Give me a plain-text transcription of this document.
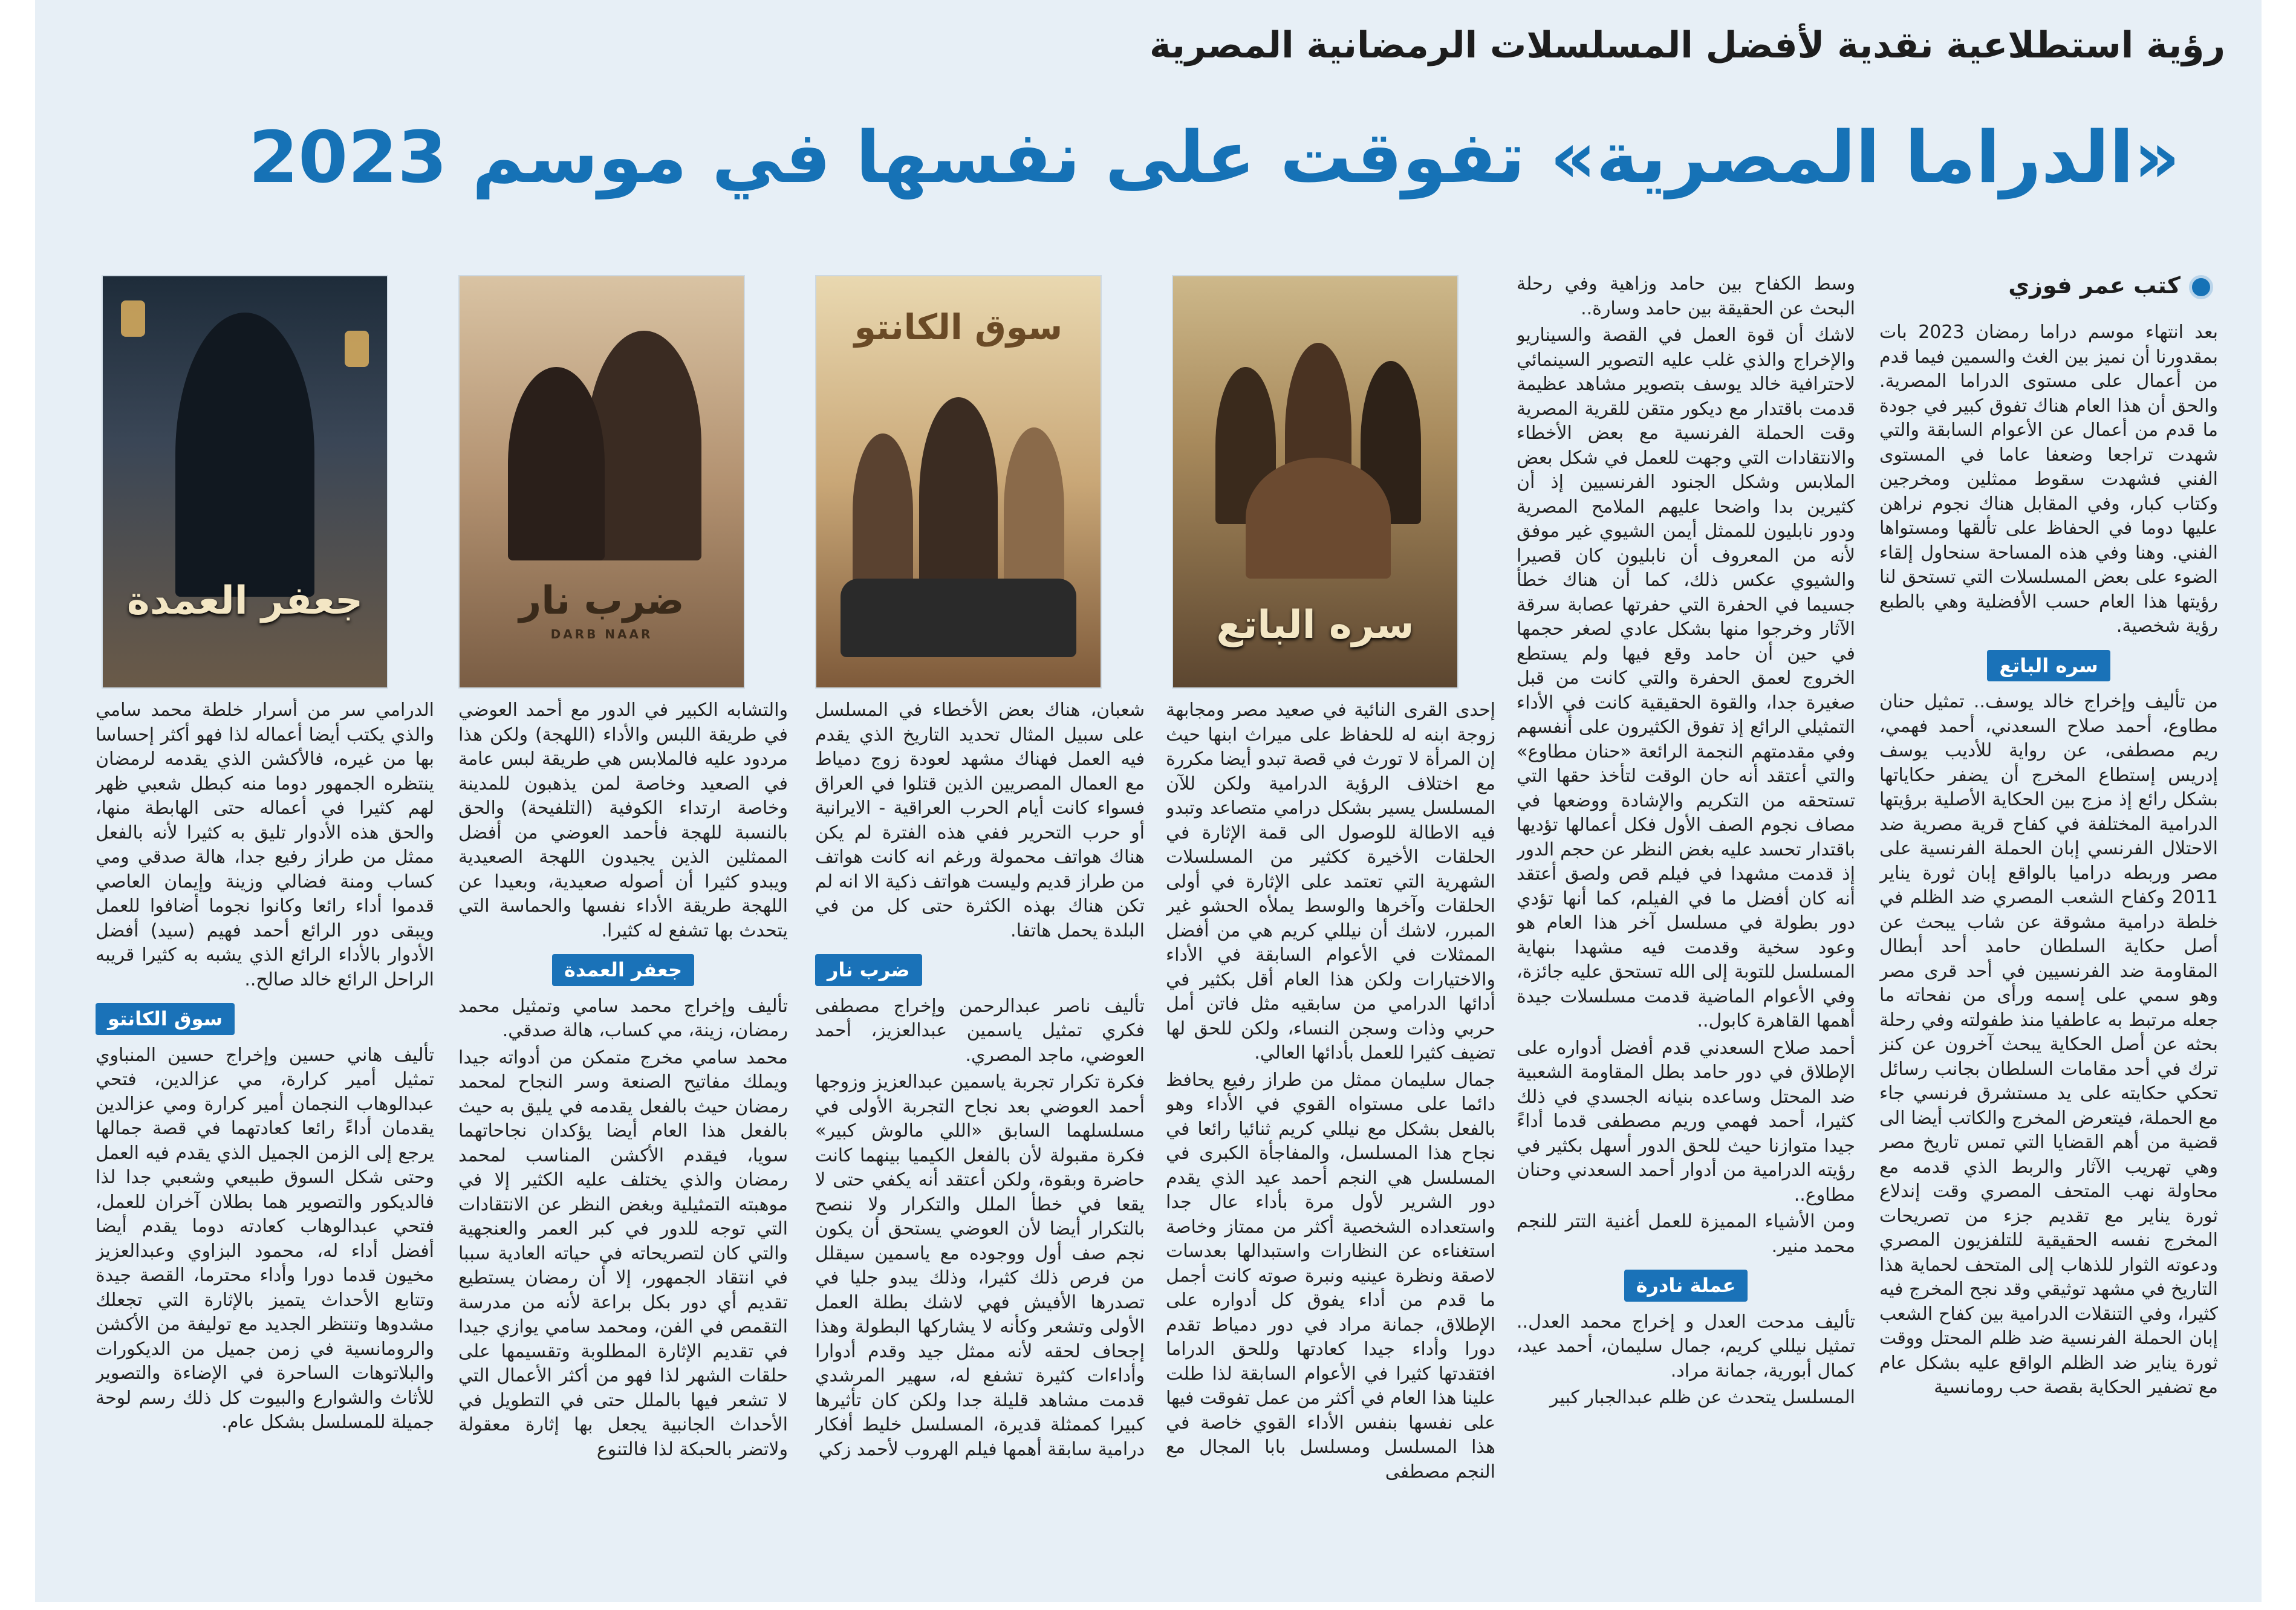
رؤية استطلاعية نقدية لأفضل المسلسلات الرمضانية المصرية
«الدراما المصرية» تفوقت على نفسها في موسم 2023
كتب عمر فوزي
سره الباتع
سوق الكانتو
ضرب نار
DARB NAAR
جعفر العمدة

بعد انتهاء موسم دراما رمضان 2023 بات بمقدورنا أن نميز بين الغث والسمين فيما قدم من أعمال على مستوى الدراما المصرية. والحق أن هذا العام هناك تفوق كبير في جودة ما قدم من أعمال عن الأعوام السابقة والتي شهدت تراجعا وضعفا عاما في المستوى الفني فشهدت سقوط ممثلين ومخرجين وكتاب كبار، وفي المقابل هناك نجوم نراهن عليها دوما في الحفاظ على تألقها ومستواها الفني. وهنا وفي هذه المساحة سنحاول إلقاء الضوء على بعض المسلسلات التي تستحق لنا رؤيتها هذا العام حسب الأفضلية وهي بالطبع رؤية شخصية.

سره الباتع

من تأليف وإخراج خالد يوسف.. تمثيل حنان مطاوع، أحمد صلاح السعدني، أحمد فهمي، ريم مصطفى، عن رواية للأديب يوسف إدريس إستطاع المخرج أن يضفر حكاياتها بشكل رائع إذ مزج بين الحكاية الأصلية برؤيتها الدرامية المختلفة في كفاح قرية مصرية ضد الاحتلال الفرنسي إبان الحملة الفرنسية على مصر وربطه دراميا بالواقع إبان ثورة يناير 2011 وكفاح الشعب المصري ضد الظلم في خلطة درامية مشوقة عن شاب يبحث عن أصل حكاية السلطان حامد أحد أبطال المقاومة ضد الفرنسيين في أحد قرى مصر وهو سمي على إسمه ورأى من نفحاته ما جعله مرتبط به عاطفيا منذ طفولته وفي رحلة بحثه عن أصل الحكاية يبحث آخرون عن كنز ترك في أحد مقامات السلطان بجانب رسائل تحكي حكايته على يد مستشرق فرنسي جاء مع الحملة، فيتعرض المخرج والكاتب أيضا الى قضية من أهم القضايا التي تمس تاريخ مصر وهي تهريب الآثار والربط الذي قدمه مع محاولة نهب المتحف المصري وقت إندلاع ثورة يناير مع تقديم جزء من تصريحات المخرج نفسه الحقيقية للتلفزيون المصري ودعوته الثوار للذهاب إلى المتحف لحماية هذا التاريخ في مشهد توثيقي وقد نجح المخرج فيه كثيرا، وفي التنقلات الدرامية بين كفاح الشعب إبان الحملة الفرنسية ضد ظلم المحتل ووقت ثورة يناير ضد الظلم الواقع عليه بشكل عام مع تضفير الحكاية بقصة حب رومانسية

وسط الكفاح بين حامد وزاهية وفي رحلة البحث عن الحقيقة بين حامد وسارة..

لاشك أن قوة العمل في القصة والسيناريو والإخراج والذي غلب عليه التصوير السينمائي لاحترافية خالد يوسف بتصوير مشاهد عظيمة قدمت باقتدار مع ديكور متقن للقرية المصرية وقت الحملة الفرنسية مع بعض الأخطاء والانتقادات التي وجهت للعمل في شكل بعض الملابس وشكل الجنود الفرنسيين إذ أن كثيرين بدا واضحا عليهم الملامح المصرية ودور نابليون للممثل أيمن الشيوي غير موفق لأنه من المعروف أن نابليون كان قصيرا والشيوي عكس ذلك، كما أن هناك خطأ جسيما في الحفرة التي حفرتها عصابة سرقة الآثار وخرجوا منها بشكل عادي لصغر حجمها في حين أن حامد وقع فيها ولم يستطع الخروج لعمق الحفرة والتي كانت من قبل صغيرة جدا، والقوة الحقيقية كانت في الأداء التمثيلي الرائع إذ تفوق الكثيرون على أنفسهم وفي مقدمتهم النجمة الرائعة «حنان مطاوع» والتي أعتقد أنه حان الوقت لتأخذ حقها التي تستحقه من التكريم والإشادة ووضعها في مصاف نجوم الصف الأول فكل أعمالها تؤديها باقتدار تحسد عليه بغض النظر عن حجم الدور إذ قدمت مشهدا في فيلم قص ولصق أعتقد أنه كان أفضل ما في الفيلم، كما أنها تؤدي دور بطولة في مسلسل آخر هذا العام هو وعود سخية وقدمت فيه مشهدا بنهاية المسلسل للتوبة إلى الله تستحق عليه جائزة، وفي الأعوام الماضية قدمت مسلسلات جيدة أهمها القاهرة كابول..

أحمد صلاح السعدني قدم أفضل أدواره على الإطلاق في دور حامد بطل المقاومة الشعبية ضد المحتل وساعده بنيانه الجسدي في ذلك كثيرا، أحمد فهمي وريم مصطفى قدما أداءً جيدا متوازنا حيث للحق الدور أسهل بكثير في رؤيته الدرامية من أدوار أحمد السعدني وحنان مطاوع..

ومن الأشياء المميزة للعمل أغنية التتر للنجم محمد منير.

عملة نادرة

تأليف مدحت العدل و إخراج محمد العدل.. تمثيل نيللي كريم، جمال سليمان، أحمد عيد، كمال أبورية، جمانة مراد.

المسلسل يتحدث عن ظلم عبدالجبار كبير

إحدى القرى النائية في صعيد مصر ومجابهة زوجة ابنه له للحفاظ على ميراث ابنها حيث إن المرأة لا تورث في قصة تبدو أيضا مكررة مع اختلاف الرؤية الدرامية ولكن للآن المسلسل يسير بشكل درامي متصاعد وتبدو فيه الاطالة للوصول الى قمة الإثارة في الحلقات الأخيرة ككثير من المسلسلات الشهرية التي تعتمد على الإثارة في أولى الحلقات وآخرها والوسط يملأه الحشو غير المبرر، لاشك أن نيللي كريم هي من أفضل الممثلات في الأعوام السابقة في الأداء والاختيارات ولكن هذا العام أقل بكثير في أدائها الدرامي من سابقيه مثل فاتن أمل حربي وذات وسجن النساء، ولكن للحق لها تضيف كثيرا للعمل بأدائها العالي.

جمال سليمان ممثل من طراز رفيع يحافظ دائما على مستواه القوي في الأداء وهو بالفعل بشكل مع نيللي كريم ثنائيا رائعا في نجاح هذا المسلسل، والمفاجأة الكبرى في المسلسل هي النجم أحمد عيد الذي يقدم دور الشرير لأول مرة بأداء عال جدا واستعداده الشخصية أكثر من ممتاز وخاصة استغناءه عن النظارات واستبدالها بعدسات لاصقة ونظرة عينيه ونبرة صوته كانت أجمل ما قدم من أداء يفوق كل أدواره على الإطلاق، جمانة مراد في دور دمياط تقدم دورا وأداء جيدا كعادتها وللحق الدراما افتقدتها كثيرا في الأعوام السابقة لذا طلت علينا هذا العام في أكثر من عمل تفوقت فيها على نفسها بنفس الأداء القوي خاصة في هذا المسلسل ومسلسل بابا المجال مع النجم مصطفى

شعبان، هناك بعض الأخطاء في المسلسل على سبيل المثال تحديد التاريخ الذي يقدم فيه العمل فهناك مشهد لعودة زوج دمياط مع العمال المصريين الذين قتلوا في العراق فسواء كانت أيام الحرب العراقية - الايرانية أو حرب التحرير ففي هذه الفترة لم يكن هناك هواتف محمولة ورغم انه كانت هواتف من طراز قديم وليست هواتف ذكية الا انه لم تكن هناك بهذه الكثرة حتى كل من في البلدة يحمل هاتفا.

ضرب نار

تأليف ناصر عبدالرحمن وإخراج مصطفى فكري تمثيل ياسمين عبدالعزيز، أحمد العوضي، ماجد المصري.

فكرة تكرار تجربة ياسمين عبدالعزيز وزوجها أحمد العوضي بعد نجاح التجربة الأولى في مسلسلهما السابق «اللي مالوش كبير» فكرة مقبولة لأن بالفعل الكيميا بينهما كانت حاضرة وبقوة، ولكن أعتقد أنه يكفي حتى لا يقعا في خطأ الملل والتكرار ولا ننصح بالتكرار أيضا لأن العوضي يستحق أن يكون نجم صف أول ووجوده مع ياسمين سيقلل من فرص ذلك كثيرا، وذلك يبدو جليا في تصدرها الأفيش فهي لاشك بطلة العمل الأولى وتشعر وكأنه لا يشاركها البطولة وهذا إجحاف لحقه لأنه ممثل جيد وقدم أدوارا وأداءات كثيرة تشفع له، سهير المرشدي قدمت مشاهد قليلة جدا ولكن كان تأثيرها كبيرا كممثلة قديرة، المسلسل خليط أفكار درامية سابقة أهمها فيلم الهروب لأحمد زكي

والتشابه الكبير في الدور مع أحمد العوضي في طريقة اللبس والأداء (اللهجة) ولكن هذا مردود عليه فالملابس هي طريقة لبس عامة في الصعيد وخاصة لمن يذهبون للمدينة وخاصة ارتداء الكوفية (التلفيحة) والحق بالنسبة للهجة فأحمد العوضي من أفضل الممثلين الذين يجيدون اللهجة الصعيدية ويبدو كثيرا أن أصوله صعيدية، وبعيدا عن اللهجة طريقة الأداء نفسها والحماسة التي يتحدث بها تشفع له كثيرا.

جعفر العمدة

تأليف وإخراج محمد سامي وتمثيل محمد رمضان، زينة، مي كساب، هالة صدقي.

محمد سامي مخرج متمكن من أدواته جيدا ويملك مفاتيح الصنعة وسر النجاح لمحمد رمضان حيث بالفعل يقدمه في يليق به حيث بالفعل هذا العام أيضا يؤكدان نجاحاتهما سويا، فيقدم الأكشن المناسب لمحمد رمضان والذي يختلف عليه الكثير إلا في موهبته التمثيلية وبغض النظر عن الانتقادات التي توجه للدور في كبر العمر والعنجهية والتي كان لتصريحاته في حياته العادية سببا في انتقاد الجمهور، إلا أن رمضان يستطيع تقديم أي دور بكل براعة لأنه من مدرسة التقمص في الفن، ومحمد سامي يوازي جيدا في تقديم الإثارة المطلوبة وتقسيمها على حلقات الشهر لذا فهو من أكثر الأعمال التي لا تشعر فيها بالملل حتى في التطويل في الأحداث الجانبية يجعل بها إثارة معقولة ولاتضر بالحبكة لذا فالتنوع

الدرامي سر من أسرار خلطة محمد سامي والذي يكتب أيضا أعماله لذا فهو أكثر إحساسا بها من غيره، فالأكشن الذي يقدمه لرمضان ينتظره الجمهور دوما منه كبطل شعبي ظهر لهم كثيرا في أعماله حتى الهابطة منها، والحق هذه الأدوار تليق به كثيرا لأنه بالفعل ممثل من طراز رفيع جدا، هالة صدقي ومي كساب ومنة فضالي وزينة وإيمان العاصي قدموا أداء رائعا وكانوا نجوما أضافوا للعمل ويبقى دور الرائع أحمد فهيم (سيد) أفضل الأدوار بالأداء الرائع الذي يشبه به كثيرا قريبه الراحل الرائع خالد صالح..

سوق الكانتو

تأليف هاني حسين وإخراج حسين المنباوي تمثيل أمير كرارة، مي عزالدين، فتحي عبدالوهاب النجمان أمير كرارة ومي عزالدين يقدمان أداءً رائعا كعادتهما في قصة جمالها يرجع إلى الزمن الجميل الذي يقدم فيه العمل وحتى شكل السوق طبيعي وشعبي جدا لذا فالديكور والتصوير هما بطلان آخران للعمل، فتحي عبدالوهاب كعادته دوما يقدم أيضا أفضل أداء له، محمود البزاوي وعبدالعزيز مخيون قدما دورا وأداء محترما، القصة جيدة وتتابع الأحداث يتميز بالإثارة التي تجعلك مشدوها وتنتظر الجديد مع توليفة من الأكشن والرومانسية في زمن جميل من الديكورات والبلاتوهات الساحرة في الإضاءة والتصوير للأثاث والشوارع والبيوت كل ذلك رسم لوحة جميلة للمسلسل بشكل عام.
